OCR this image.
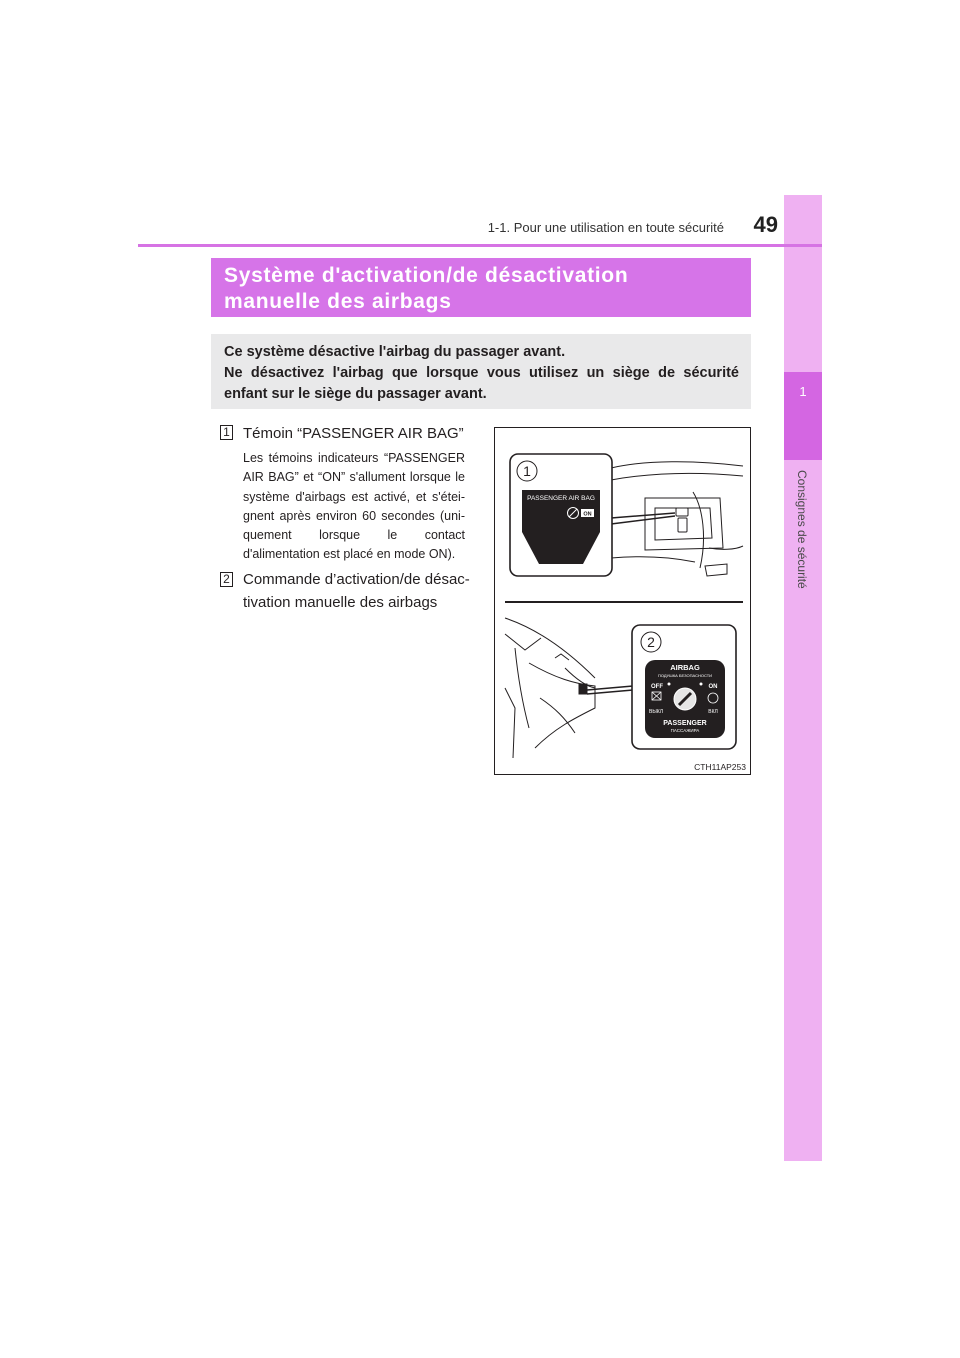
1
Consignes de sécurité
1-1. Pour une utilisation en toute sécurité	49
Système d'activation/de désactivation
manuelle des airbags
Ce système désactive l'airbag du passager avant.
Ne désactivez l'airbag que lorsque vous utilisez un siège de sécurité
enfant sur le siège du passager avant.
1 Témoin “PASSENGER AIR BAG”
Les témoins indicateurs “PASSENGER
AIR BAG” et “ON” s'allument lorsque le
système d'airbags est activé, et s'étei-
gnent après environ 60 secondes (uni-
quement lorsque le contact
d'alimentation est placé en mode ON).
2 Commande d’activation/de désac-
tivation manuelle des airbags
1
PASSENGER AIR BAG
ON
2
AIRBAG
ПОДУШКА БЕЗОПАСНОСТИ
OFF	ON
ВЫКЛ	ВКЛ
PASSENGER
ПАССАЖИРА
CTH11AP253
